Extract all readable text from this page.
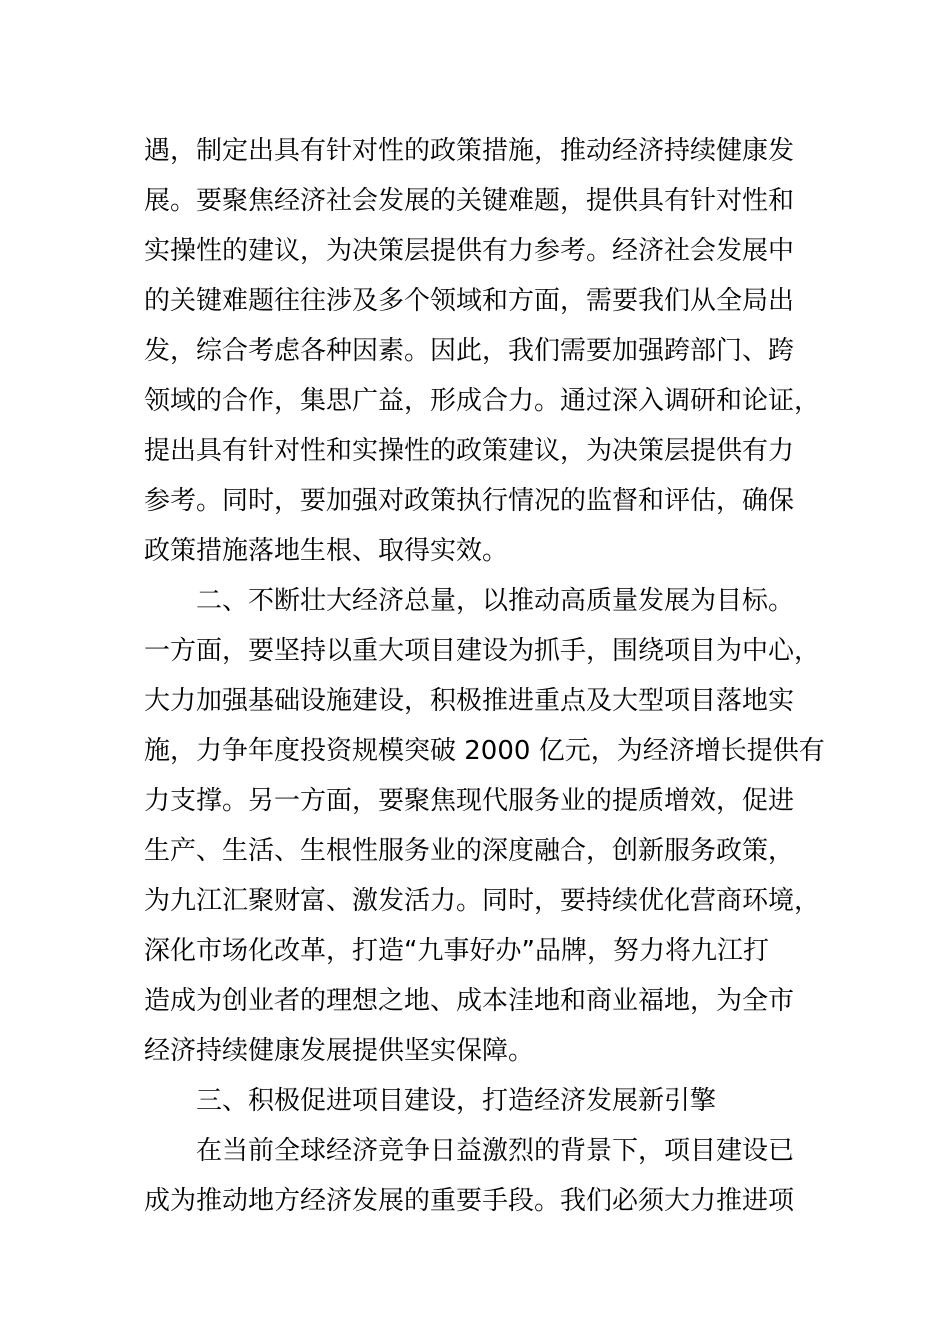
遇，制定出具有针对性的政策措施，推动经济持续健康发
展。要聚焦经济社会发展的关键难题，提供具有针对性和
实操性的建议，为决策层提供有力参考。经济社会发展中
的关键难题往往涉及多个领域和方面，需要我们从全局出
发，综合考虑各种因素。因此，我们需要加强跨部门、跨
领域的合作，集思广益，形成合力。通过深入调研和论证，
提出具有针对性和实操性的政策建议，为决策层提供有力
参考。同时，要加强对政策执行情况的监督和评估，确保
政策措施落地生根、取得实效。
二、不断壮大经济总量，以推动高质量发展为目标。
一方面，要坚持以重大项目建设为抓手，围绕项目为中心，
大力加强基础设施建设，积极推进重点及大型项目落地实
施，力争年度投资规模突破 2000 亿元，为经济增长提供有
力支撑。另一方面，要聚焦现代服务业的提质增效，促进
生产、生活、生根性服务业的深度融合，创新服务政策，
为九江汇聚财富、激发活力。同时，要持续优化营商环境，
深化市场化改革，打造“九事好办”品牌，努力将九江打
造成为创业者的理想之地、成本洼地和商业福地，为全市
经济持续健康发展提供坚实保障。
三、积极促进项目建设，打造经济发展新引擎
在当前全球经济竞争日益激烈的背景下，项目建设已
成为推动地方经济发展的重要手段。我们必须大力推进项
